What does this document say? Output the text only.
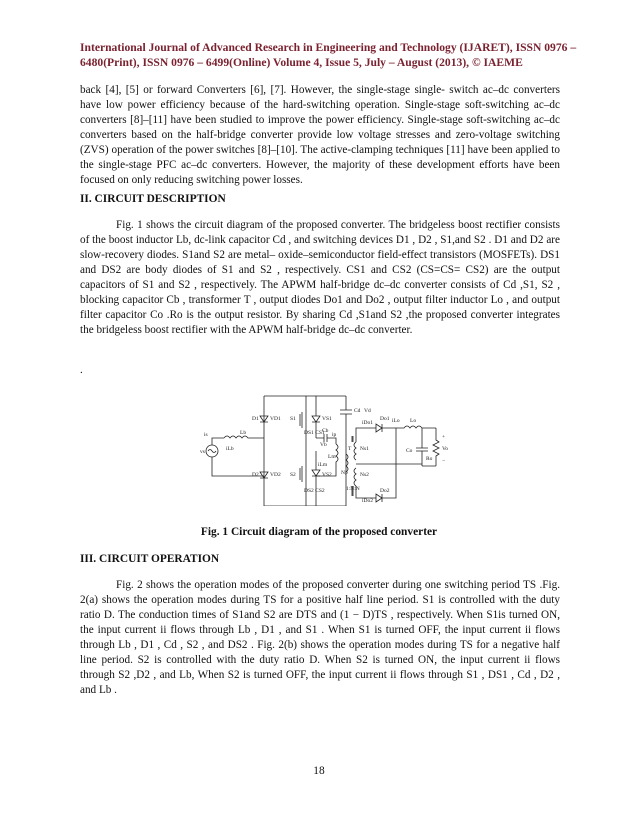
International Journal of Advanced Research in Engineering and Technology (IJARET), ISSN 0976 –
6480(Print), ISSN 0976 – 6499(Online) Volume 4, Issue 5, July – August (2013), © IAEME

back [4], [5] or forward Converters [6], [7]. However, the single-stage single- switch ac–dc converters have low power efficiency because of the hard-switching operation. Single-stage soft-switching ac–dc converters [8]–[11] have been studied to improve the power efficiency. Single-stage soft-switching ac–dc converters based on the half-bridge converter provide low voltage stresses and zero-voltage switching (ZVS) operation of the power switches [8]–[10]. The active-clamping techniques [11] have been applied to the single-stage PFC ac–dc converters. However, the majority of these development efforts have been focused on only reducing switching power losses.

II. CIRCUIT DESCRIPTION

Fig. 1 shows the circuit diagram of the proposed converter. The bridgeless boost rectifier consists of the boost inductor Lb, dc-link capacitor Cd , and switching devices D1 , D2 , S1,and S2 . D1 and D2 are slow-recovery diodes. S1and S2 are metal– oxide–semiconductor field-effect transistors (MOSFETs). DS1 and DS2 are body diodes of S1 and S2 , respectively. CS1 and CS2 (CS=CS= CS2) are the output capacitors of S1 and S2 , respectively. The APWM half-bridge dc–dc converter consists of Cd ,S1, S2 , blocking capacitor Cb , transformer T , output diodes Do1 and Do2 , output filter inductor Lo , and output filter capacitor Co .Ro is the output resistor. By sharing Cd ,S1and S2 ,the proposed converter integrates the bridgeless boost rectifier with the APWM half-bridge dc–dc converter.

.
vs
is
iLb
Lb
D1
D2
VD1
VD2
S1
S2
VS1
VS2
DS1 CS1
DS2 CS2
Cd Vd
Cb
ip
Vb
Lm
iLm
T
Np
Ns1
Ns2
1:N:N
Do1
Do2
iDo1
iDo2
Lo
iLo
Co
Ro
Vo
+
−
Fig. 1 Circuit diagram of the proposed converter
III. CIRCUIT OPERATION

Fig. 2 shows the operation modes of the proposed converter during one switching period TS .Fig. 2(a) shows the operation modes during TS for a positive half line period. S1 is controlled with the duty ratio D. The conduction times of S1and S2 are DTS and (1 − D)TS , respectively. When S1is turned ON, the input current ii flows through Lb , D1 , and S1 . When S1 is turned OFF, the input current ii flows through Lb , D1 , Cd , S2 , and DS2 . Fig. 2(b) shows the operation modes during TS for a negative half line period. S2 is controlled with the duty ratio D. When S2 is turned ON, the input current ii flows through S2 ,D2 , and Lb, When S2 is turned OFF, the input current ii flows through S1 , DS1 , Cd , D2 , and Lb .

18
